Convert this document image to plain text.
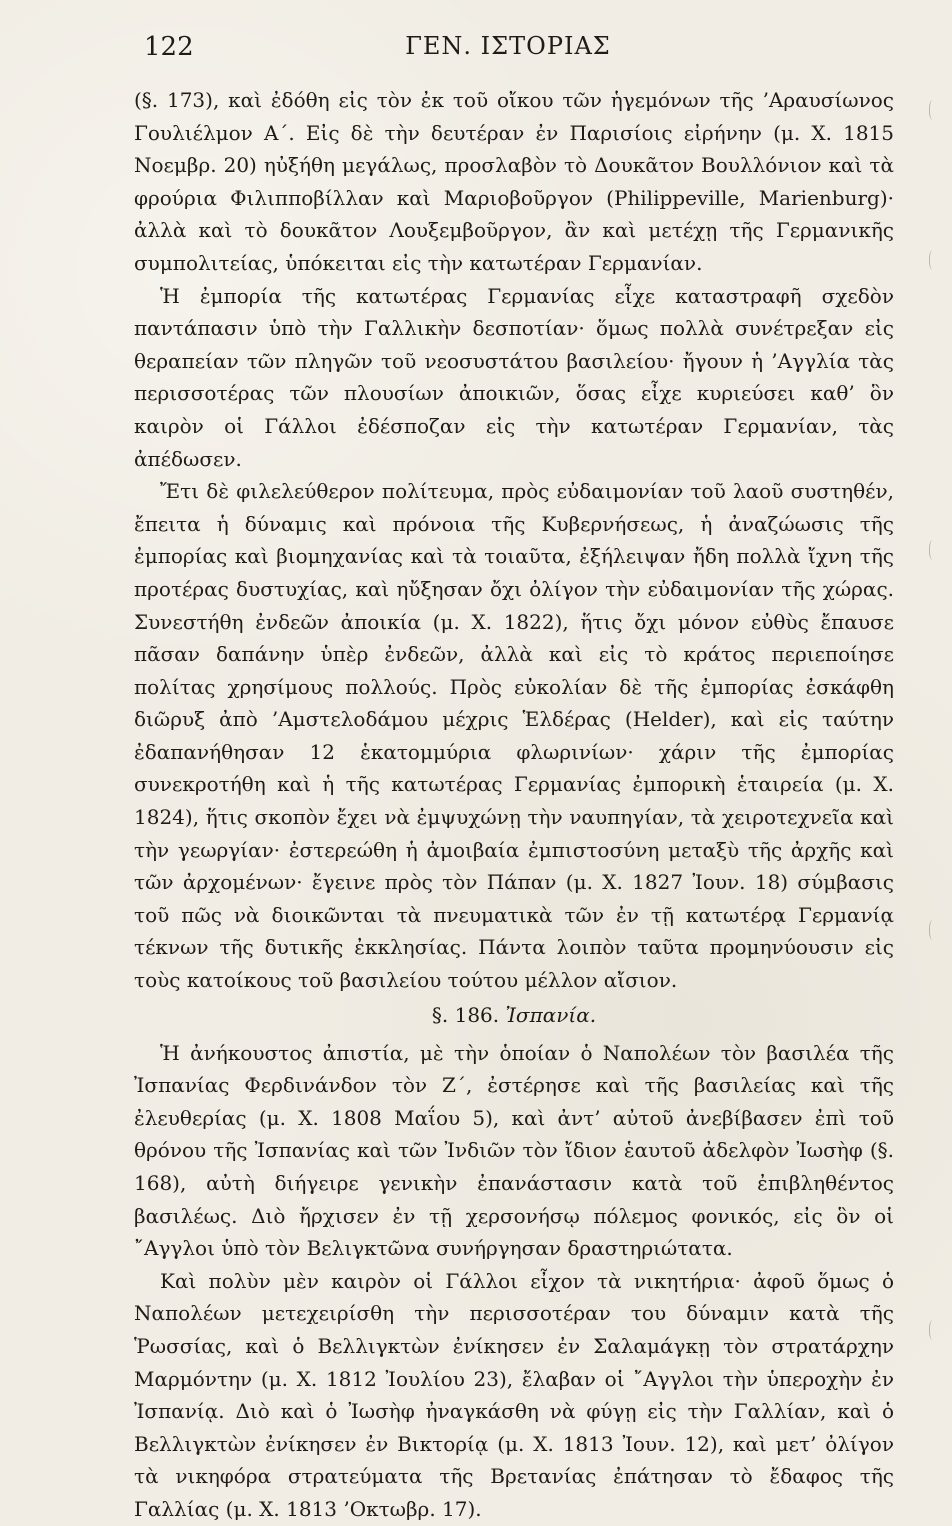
122	ΓΕΝ. ΙΣΤΟΡΙΑΣ

(§. 173), καὶ ἐδόθη εἰς τὸν ἐκ τοῦ οἴκου τῶν ἡγεμόνων τῆς ’Αραυσίωνος Γουλιέλμον Α΄. Εἰς δὲ τὴν δευτέραν ἐν Παρισίοις εἰρήνην (μ. Χ. 1815 Νοεμβρ. 20) ηὐξήθη μεγάλως, προσλαβὸν τὸ Δουκᾶτον Βουλλόνιον καὶ τὰ φρούρια Φιλιπποβίλλαν καὶ Μαριοβοῦργον (Philippeville, Marienburg)· ἀλλὰ καὶ τὸ δουκᾶτον Λουξεμβοῦργον, ἂν καὶ μετέχῃ τῆς Γερμανικῆς συμπολιτείας, ὑπόκειται εἰς τὴν κατωτέραν Γερμανίαν.

Ἡ ἐμπορία τῆς κατωτέρας Γερμανίας εἶχε καταστραφῆ σχεδὸν παντάπασιν ὑπὸ τὴν Γαλλικὴν δεσποτίαν· ὅμως πολλὰ συνέτρεξαν εἰς θεραπείαν τῶν πληγῶν τοῦ νεοσυστάτου βασιλείου· ἤγουν ἡ ’Αγγλία τὰς περισσοτέρας τῶν πλουσίων ἀποικιῶν, ὅσας εἶχε κυριεύσει καθ’ ὃν καιρὸν οἱ Γάλλοι ἐδέσποζαν εἰς τὴν κατωτέραν Γερμανίαν, τὰς ἀπέδωσεν.

Ἔτι δὲ φιλελεύθερον πολίτευμα, πρὸς εὐδαιμονίαν τοῦ λαοῦ συστηθέν, ἔπειτα ἡ δύναμις καὶ πρόνοια τῆς Κυβερνήσεως, ἡ ἀναζώωσις τῆς ἐμπορίας καὶ βιομηχανίας καὶ τὰ τοιαῦτα, ἐξήλειψαν ἤδη πολλὰ ἴχνη τῆς προτέρας δυστυχίας, καὶ ηὔξησαν ὄχι ὀλίγον τὴν εὐδαιμονίαν τῆς χώρας. Συνεστήθη ἐνδεῶν ἀποικία (μ. Χ. 1822), ἥτις ὄχι μόνον εὐθὺς ἔπαυσε πᾶσαν δαπάνην ὑπὲρ ἐνδεῶν, ἀλλὰ καὶ εἰς τὸ κράτος περιεποίησε πολίτας χρησίμους πολλούς. Πρὸς εὐκολίαν δὲ τῆς ἐμπορίας ἐσκάφθη διῶρυξ ἀπὸ ’Αμστελοδάμου μέχρις Ἑλδέρας (Helder), καὶ εἰς ταύτην ἐδαπανήθησαν 12 ἑκατομμύρια φλωρινίων· χάριν τῆς ἐμπορίας συνεκροτήθη καὶ ἡ τῆς κατωτέρας Γερμανίας ἐμπορικὴ ἑταιρεία (μ. Χ. 1824), ἥτις σκοπὸν ἔχει νὰ ἐμψυχώνῃ τὴν ναυπηγίαν, τὰ χειροτεχνεῖα καὶ τὴν γεωργίαν· ἐστερεώθη ἡ ἀμοιβαία ἐμπιστοσύνη μεταξὺ τῆς ἀρχῆς καὶ τῶν ἀρχομένων· ἔγεινε πρὸς τὸν Πάπαν (μ. Χ. 1827 Ἰουν. 18) σύμβασις τοῦ πῶς νὰ διοικῶνται τὰ πνευματικὰ τῶν ἐν τῇ κατωτέρᾳ Γερμανίᾳ τέκνων τῆς δυτικῆς ἐκκλησίας. Πάντα λοιπὸν ταῦτα προμηνύουσιν εἰς τοὺς κατοίκους τοῦ βασιλείου τούτου μέλλον αἴσιον.

§. 186. Ἰσπανία.

Ἡ ἀνήκουστος ἀπιστία, μὲ τὴν ὁποίαν ὁ Ναπολέων τὸν βασιλέα τῆς Ἰσπανίας Φερδινάνδον τὸν Ζ΄, ἐστέρησε καὶ τῆς βασιλείας καὶ τῆς ἐλευθερίας (μ. Χ. 1808 Μαΐου 5), καὶ ἀντ’ αὐτοῦ ἀνεβίβασεν ἐπὶ τοῦ θρόνου τῆς Ἰσπανίας καὶ τῶν Ἰνδιῶν τὸν ἴδιον ἑαυτοῦ ἀδελφὸν Ἰωσὴφ (§. 168), αὐτὴ διήγειρε γενικὴν ἐπανάστασιν κατὰ τοῦ ἐπιβληθέντος βασιλέως. Διὸ ἤρχισεν ἐν τῇ χερσονήσῳ πόλεμος φονικός, εἰς ὃν οἱ ῎Αγγλοι ὑπὸ τὸν Βελιγκτῶνα συνήργησαν δραστηριώτατα.

Καὶ πολὺν μὲν καιρὸν οἱ Γάλλοι εἶχον τὰ νικητήρια· ἀφοῦ ὅμως ὁ Ναπολέων μετεχειρίσθη τὴν περισσοτέραν του δύναμιν κατὰ τῆς Ῥωσσίας, καὶ ὁ Βελλιγκτὼν ἐνίκησεν ἐν Σαλαμάγκῃ τὸν στρατάρχην Μαρμόντην (μ. Χ. 1812 Ἰουλίου 23), ἔλαβαν οἱ ῎Αγγλοι τὴν ὑπεροχὴν ἐν Ἰσπανίᾳ. Διὸ καὶ ὁ Ἰωσὴφ ἠναγκάσθη νὰ φύγῃ εἰς τὴν Γαλλίαν, καὶ ὁ Βελλιγκτὼν ἐνίκησεν ἐν Βικτορίᾳ (μ. Χ. 1813 Ἰουν. 12), καὶ μετ’ ὀλίγον τὰ νικηφόρα στρατεύματα τῆς Βρετανίας ἐπάτησαν τὸ ἔδαφος τῆς Γαλλίας (μ. Χ. 1813 ’Οκτωβρ. 17).
